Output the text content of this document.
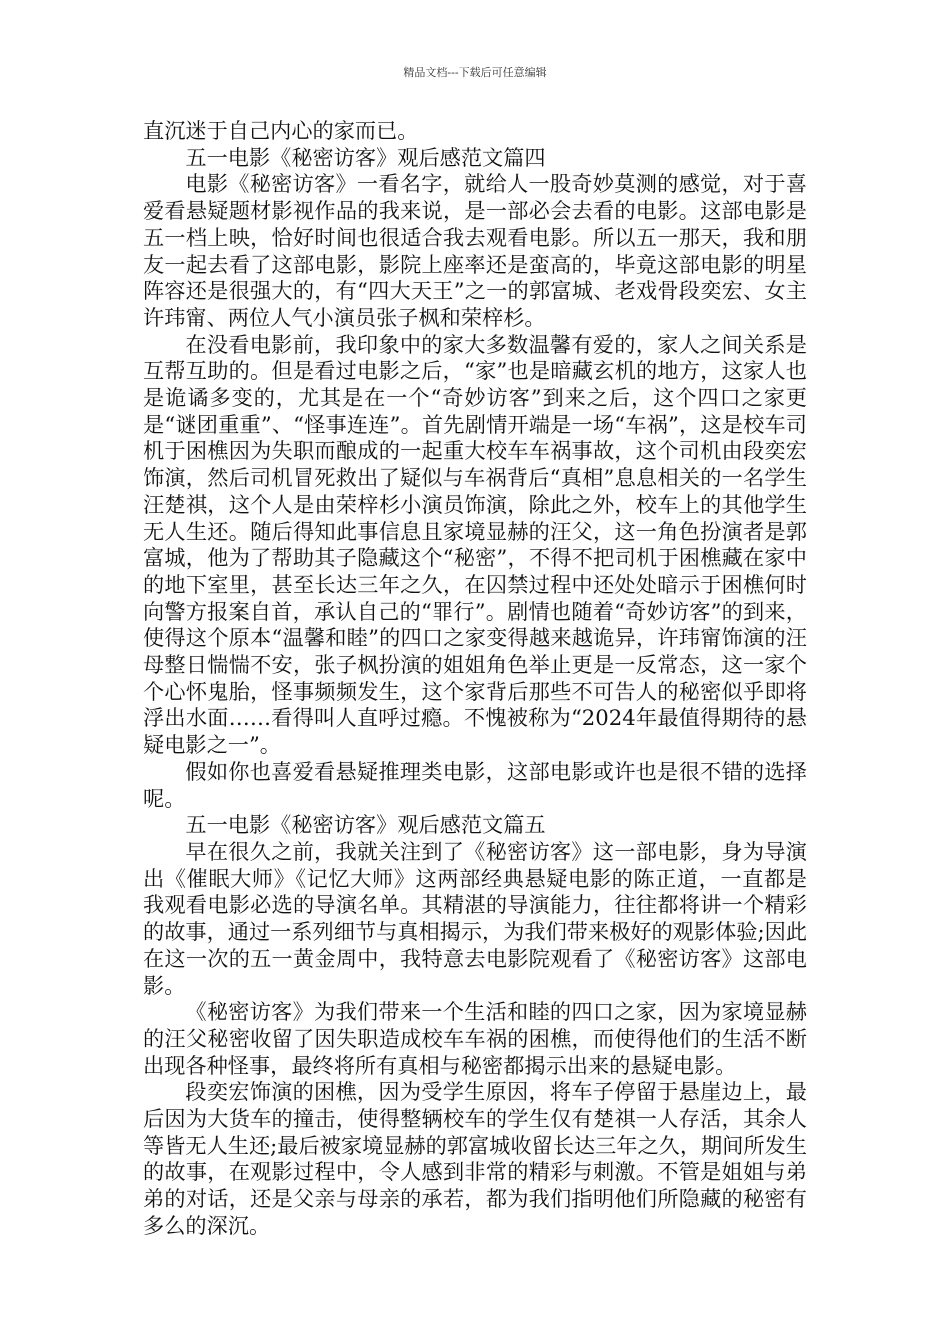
精品文档---下载后可任意编辑

直沉迷于自己内心的家而已。

五一电影《秘密访客》观后感范文篇四

电影《秘密访客》一看名字，就给人一股奇妙莫测的感觉，对于喜爱看悬疑题材影视作品的我来说，是一部必会去看的电影。这部电影是五一档上映，恰好时间也很适合我去观看电影。所以五一那天，我和朋友一起去看了这部电影，影院上座率还是蛮高的，毕竟这部电影的明星阵容还是很强大的，有“四大天王”之一的郭富城、老戏骨段奕宏、女主许玮甯、两位人气小演员张子枫和荣梓杉。

在没看电影前，我印象中的家大多数温馨有爱的，家人之间关系是互帮互助的。但是看过电影之后，“家”也是暗藏玄机的地方，这家人也是诡谲多变的，尤其是在一个“奇妙访客”到来之后，这个四口之家更是“谜团重重”、“怪事连连”。首先剧情开端是一场“车祸”，这是校车司机于困樵因为失职而酿成的一起重大校车车祸事故，这个司机由段奕宏饰演，然后司机冒死救出了疑似与车祸背后“真相”息息相关的一名学生汪楚祺，这个人是由荣梓杉小演员饰演，除此之外，校车上的其他学生无人生还。随后得知此事信息且家境显赫的汪父，这一角色扮演者是郭富城，他为了帮助其子隐藏这个“秘密”，不得不把司机于困樵藏在家中的地下室里，甚至长达三年之久，在囚禁过程中还处处暗示于困樵何时向警方报案自首，承认自己的“罪行”。剧情也随着“奇妙访客”的到来，使得这个原本“温馨和睦”的四口之家变得越来越诡异，许玮甯饰演的汪母整日惴惴不安，张子枫扮演的姐姐角色举止更是一反常态，这一家个个心怀鬼胎，怪事频频发生，这个家背后那些不可告人的秘密似乎即将浮出水面……看得叫人直呼过瘾。不愧被称为“2024年最值得期待的悬疑电影之一”。

假如你也喜爱看悬疑推理类电影，这部电影或许也是很不错的选择呢。

五一电影《秘密访客》观后感范文篇五

早在很久之前，我就关注到了《秘密访客》这一部电影，身为导演出《催眠大师》《记忆大师》这两部经典悬疑电影的陈正道，一直都是我观看电影必选的导演名单。其精湛的导演能力，往往都将讲一个精彩的故事，通过一系列细节与真相揭示，为我们带来极好的观影体验;因此在这一次的五一黄金周中，我特意去电影院观看了《秘密访客》这部电影。

《秘密访客》为我们带来一个生活和睦的四口之家，因为家境显赫的汪父秘密收留了因失职造成校车车祸的困樵，而使得他们的生活不断出现各种怪事，最终将所有真相与秘密都揭示出来的悬疑电影。

段奕宏饰演的困樵，因为受学生原因，将车子停留于悬崖边上，最后因为大货车的撞击，使得整辆校车的学生仅有楚祺一人存活，其余人等皆无人生还;最后被家境显赫的郭富城收留长达三年之久，期间所发生的故事，在观影过程中，令人感到非常的精彩与刺激。不管是姐姐与弟弟的对话，还是父亲与母亲的承若，都为我们指明他们所隐藏的秘密有多么的深沉。
